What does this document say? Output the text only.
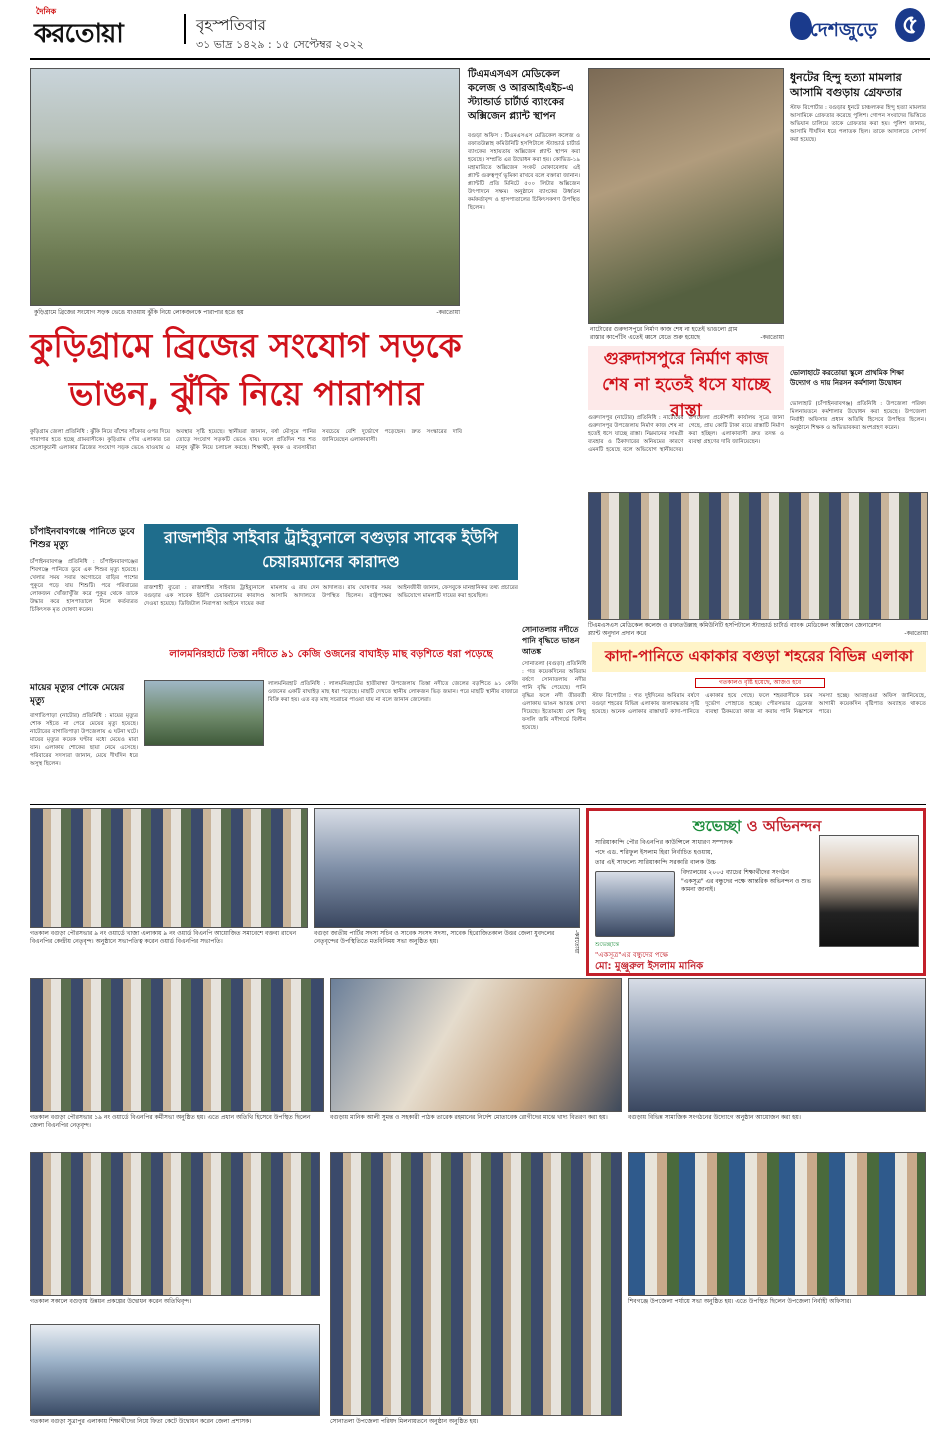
দৈনিক
করতোয়া	বৃহস্পতিবার
৩১ ভাদ্র ১৪২৯ : ১৫ সেপ্টেম্বর ২০২২
দেশজুড়ে ৫
কুড়িগ্রামে ব্রিজের সংযোগ সড়ক ভেঙে যাওয়ায় ঝুঁকি নিয়ে লোকজনকে পারাপার হতে হয়	-করতোয়া
কুড়িগ্রামে ব্রিজের সংযোগ সড়কে ভাঙন, ঝুঁকি নিয়ে পারাপার
কুড়িগ্রাম জেলা প্রতিনিধি : ঝুঁকি নিয়ে বাঁশের সাঁকোর ওপর দিয়ে পারাপার হতে হচ্ছে গ্রামবাসীকে। কুড়িগ্রাম পৌর এলাকার চর হেলোকুচানী এলাকার ব্রিজের সংযোগ সড়ক ভেঙে যাওয়ায় এ অবস্থার সৃষ্টি হয়েছে। স্থানীয়রা জানান, বর্ষা মৌসুমে পানির তোড়ে সংযোগ সড়কটি ভেঙে যায়। ফলে প্রতিদিন শত শত মানুষ ঝুঁকি নিয়ে চলাচল করছে। শিক্ষার্থী, কৃষক ও ব্যবসায়ীরা সবচেয়ে বেশি দুর্ভোগে পড়েছেন। দ্রুত সংস্কারের দাবি জানিয়েছেন এলাকাবাসী।
টিএমএসএস মেডিকেল কলেজ ও আরআইএইচ-এ স্ট্যান্ডার্ড চার্টার্ড ব্যাংকের অক্সিজেন প্ল্যান্ট স্থাপন
বগুড়া অফিস : টিএমএসএস মেডিকেল কলেজ ও রফাতউল্লাহ কমিউনিটি হসপিটালে স্ট্যান্ডার্ড চার্টার্ড ব্যাংকের সহায়তায় অক্সিজেন প্ল্যান্ট স্থাপন করা হয়েছে। সম্প্রতি এর উদ্বোধন করা হয়। কোভিড-১৯ মহামারিতে অক্সিজেন সংকট মোকাবেলায় এই প্ল্যান্ট গুরুত্বপূর্ণ ভূমিকা রাখবে বলে বক্তারা জানান। প্ল্যান্টটি প্রতি মিনিটে ৫০০ লিটার অক্সিজেন উৎপাদনে সক্ষম। অনুষ্ঠানে ব্যাংকের উর্ধ্বতন কর্মকর্তাবৃন্দ ও হাসপাতালের চিকিৎসকগণ উপস্থিত ছিলেন।
নাটোরের গুরুদাসপুরে নির্মাণ কাজ শেষ না হতেই ভাঙলো গ্রাম রাস্তার কার্পেটিং এতেই ধ্বসে যেতে শুরু হয়েছে	-করতোয়া
গুরুদাসপুরে নির্মাণ কাজ শেষ না হতেই ধসে যাচ্ছে রাস্তা
গুরুদাসপুর (নাটোর) প্রতিনিধি : নাটোরের গুরুদাসপুর উপজেলায় নির্মাণ কাজ শেষ না হতেই ধসে যাচ্ছে রাস্তা। নিম্নমানের সামগ্রী ব্যবহার ও ঠিকাদারের অনিয়মের কারণে এমনটি হয়েছে বলে অভিযোগ স্থানীয়দের। উপজেলা প্রকৌশলী কার্যালয় সূত্রে জানা গেছে, প্রায় কোটি টাকা ব্যয়ে রাস্তাটি নির্মাণ করা হচ্ছিল। এলাকাবাসী দ্রুত তদন্ত ও ব্যবস্থা গ্রহণের দাবি জানিয়েছেন।
ধুনটের হিন্দু হত্যা মামলার আসামি বগুড়ায় গ্রেফতার
স্টাফ রিপোর্টার : বগুড়ার ধুনটে চাঞ্চল্যকর হিন্দু হত্যা মামলার আসামিকে গ্রেফতার করেছে পুলিশ। গোপন সংবাদের ভিত্তিতে অভিযান চালিয়ে তাকে গ্রেফতার করা হয়। পুলিশ জানায়, আসামি দীর্ঘদিন ধরে পলাতক ছিল। তাকে আদালতে সোপর্দ করা হয়েছে।
ভোলাহাটে করতোয়া স্কুলে প্রাথমিক শিক্ষা উদ্যোগ ও দায় নিরসন কর্মশালা উদ্বোধন
ভোলাহাট (চাঁপাইনবাবগঞ্জ) প্রতিনিধি : উপজেলা পরিষদ মিলনায়তনে কর্মশালার উদ্বোধন করা হয়েছে। উপজেলা নির্বাহী অফিসার প্রধান অতিথি হিসেবে উপস্থিত ছিলেন। অনুষ্ঠানে শিক্ষক ও অভিভাবকরা অংশগ্রহণ করেন।
টিএমএসএস মেডিকেল কলেজ ও রফাতউল্লাহ কমিউনিটি হসপিটালে স্ট্যান্ডার্ড চার্টার্ড ব্যাংক মেডিকেল অক্সিজেন জেনারেশন প্ল্যান্ট অনুদান প্রদান করে	-করতোয়া
চাঁপাইনবাবগঞ্জে পানিতে ডুবে শিশুর মৃত্যু
চাঁপাইনবাবগঞ্জ প্রতিনিধি : চাঁপাইনবাবগঞ্জের শিবগঞ্জে পানিতে ডুবে এক শিশুর মৃত্যু হয়েছে। খেলার সময় সবার অগোচরে বাড়ির পাশের পুকুরে পড়ে যায় শিশুটি। পরে পরিবারের লোকজন খোঁজাখুঁজি করে পুকুর থেকে তাকে উদ্ধার করে হাসপাতালে নিলে কর্তব্যরত চিকিৎসক মৃত ঘোষণা করেন।
মায়ের মৃত্যুর শোকে মেয়ের মৃত্যু
বাগাতিপাড়া (নাটোর) প্রতিনিধি : মায়ের মৃত্যুর শোক সইতে না পেরে মেয়ের মৃত্যু হয়েছে। নাটোরের বাগাতিপাড়া উপজেলায় এ ঘটনা ঘটে। মায়ের মৃত্যুর কয়েক ঘণ্টার মধ্যে মেয়েও মারা যান। এলাকায় শোকের ছায়া নেমে এসেছে। পরিবারের সদস্যরা জানান, মেয়ে দীর্ঘদিন ধরে অসুস্থ ছিলেন।
রাজশাহীর সাইবার ট্রাইব্যুনালে বগুড়ার সাবেক ইউপি চেয়ারম্যানের কারাদণ্ড
রাজশাহী ব্যুরো : রাজশাহীর সাইবার ট্রাইব্যুনালে বগুড়ার এক সাবেক ইউপি চেয়ারম্যানের কারাদণ্ড দেওয়া হয়েছে। ডিজিটাল নিরাপত্তা আইনে দায়ের করা মামলায় এ রায় দেন আদালত। রায় ঘোষণার সময় আসামি আদালতে উপস্থিত ছিলেন। রাষ্ট্রপক্ষের আইনজীবী জানান, ফেসবুকে মানহানিকর তথ্য প্রচারের অভিযোগে মামলাটি দায়ের করা হয়েছিল।
সোনাতলায় নদীতে পানি বৃদ্ধিতে ভাঙন আতঙ্ক
সোনাতলা (বগুড়া) প্রতিনিধি : গত কয়েকদিনের অবিরাম বর্ষণে সোনাতলায় নদীর পানি বৃদ্ধি পেয়েছে। পানি বৃদ্ধির ফলে নদী তীরবর্তী এলাকায় ভাঙন আতঙ্ক দেখা দিয়েছে। ইতোমধ্যে বেশ কিছু ফসলি জমি নদীগর্ভে বিলীন হয়েছে।
লালমনিরহাটে তিস্তা নদীতে ৯১ কেজি ওজনের বাঘাইড় মাছ বড়শিতে ধরা পড়েছে
লালমনিরহাট প্রতিনিধি : লালমনিরহাটের হাতীবান্ধা উপজেলায় তিস্তা নদীতে জেলের বড়শিতে ৯১ কেজি ওজনের একটি বাঘাইড় মাছ ধরা পড়েছে। মাছটি দেখতে স্থানীয় লোকজন ভিড় জমান। পরে মাছটি স্থানীয় বাজারে বিক্রি করা হয়। এত বড় মাছ সচরাচর পাওয়া যায় না বলে জানান জেলেরা।
কাদা-পানিতে একাকার বগুড়া শহরের বিভিন্ন এলাকা
গতকালও বৃষ্টি হয়েছে, আজও হবে
স্টাফ রিপোর্টার : গত দুইদিনের অবিরাম বর্ষণে বগুড়া শহরের বিভিন্ন এলাকায় জলাবদ্ধতার সৃষ্টি হয়েছে। অনেক এলাকার রাস্তাঘাট কাদা-পানিতে একাকার হয়ে গেছে। ফলে শহরবাসীকে চরম দুর্ভোগ পোহাতে হচ্ছে। পৌরসভার ড্রেনেজ ব্যবস্থা ঠিকমতো কাজ না করায় পানি নিষ্কাশনে সমস্যা হচ্ছে। আবহাওয়া অফিস জানিয়েছে, আগামী কয়েকদিন বৃষ্টিপাত অব্যাহত থাকতে পারে।
গতকাল বগুড়া পৌরসভার ৯ নং ওয়ার্ডে খাজা এলাকায় ৯ নং ওয়ার্ড বিএনপি আয়োজিত সমাবেশে বক্তব্য রাখেন বিএনপির কেন্দ্রীয় নেতৃবৃন্দ। অনুষ্ঠানে সভাপতিত্ব করেন ওয়ার্ড বিএনপির সভাপতি।
বগুড়া জাতীয় পার্টির সদস্য সচিব ও সাবেক সংসদ সদস্য, সাবেক হিরোজিতকাল উত্তর জেলা যুবদলের নেতৃবৃন্দের উপস্থিতিতে মতবিনিময় সভা অনুষ্ঠিত হয়।	-করতোয়া
শুভেচ্ছা ও অভিনন্দন
সারিয়াকান্দি পৌর বিএনপির কাউন্সিলে সাধারণ সম্পাদক
পদে এড. শরিফুল ইসলাম হিরা নির্বাচিত হওয়ায়,
তার এই সাফল্যে সারিয়াকান্দি সরকারি বালক উচ্চ
বিদ্যালয়ের ২০০৫ ব্যাচের শিক্ষার্থীদের সংগঠন "একসূত্র" এর বন্ধুদের পক্ষে আন্তরিক অভিনন্দন ও শুভ কামনা জানাই।
শুভেচ্ছান্তে
"একসূত্র"এর বন্ধুদের পক্ষে
মো: মুঞ্জুরুল ইসলাম মানিক
গতকাল বগুড়া পৌরসভার ১৯ নং ওয়ার্ডে বিএনপির কর্মীসভা অনুষ্ঠিত হয়। এতে প্রধান অতিথি হিসেবে উপস্থিত ছিলেন জেলা বিএনপির নেতৃবৃন্দ।
বগুড়ায় মানিক আলী সুমন্ত ও সহকারী পাঠক তারেক রহমানের নির্দেশ মোতাবেক রোগীদের মাঝে খাদ্য বিতরণ করা হয়।	বগুড়ায় বিভিন্ন সামাজিক সংগঠনের উদ্যোগে অনুষ্ঠান আয়োজন করা হয়।
গতকাল সকালে বগুড়ায় উন্নয়ন প্রকল্পের উদ্বোধন করেন অতিথিবৃন্দ।	শিবগঞ্জে উপজেলা পর্যায়ে সভা অনুষ্ঠিত হয়। এতে উপস্থিত ছিলেন উপজেলা নির্বাহী অফিসার।
গতকাল বগুড়া সুত্রাপুর এলাকায় শিক্ষার্থীদের নিয়ে ফিতা কেটে উদ্বোধন করেন জেলা প্রশাসক।	সোনাতলা উপজেলা পরিষদ মিলনায়তনে অনুষ্ঠান অনুষ্ঠিত হয়।
